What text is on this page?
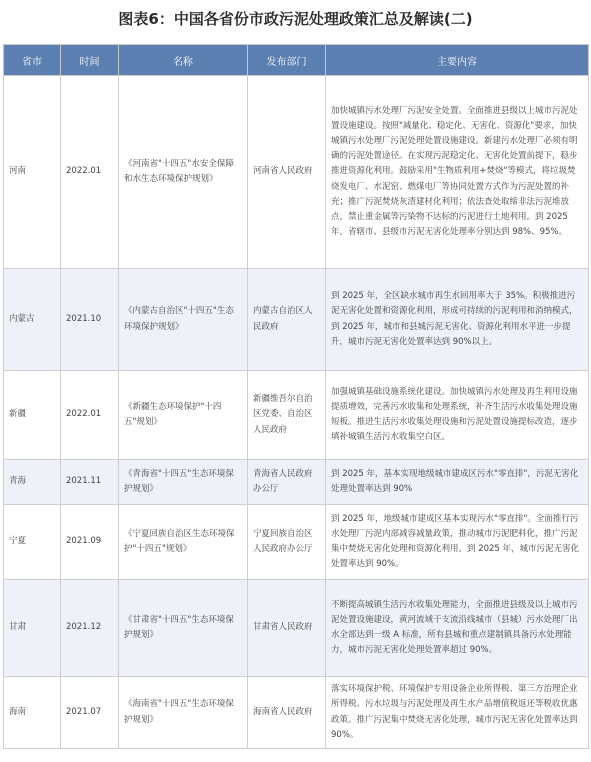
图表6：中国各省份市政污泥处理政策汇总及解读(二)
省市	时间	名称	发布部门	主要内容
河南	2022.01	《河南省"十四五"水安全保障和水生态环境保护规划》	河南省人民政府	加快城镇污水处理厂污泥安全处置。全面推进县级以上城市污泥处置设施建设。按照"减量化、稳定化、无害化、资源化"要求，加快城镇污水处理厂污泥处理处置设施建设。新建污水处理厂必须有明确的污泥处置途径。在实现污泥稳定化、无害化处置前提下，稳步推进资源化利用。鼓励采用"生物质利用+焚烧"等模式，将垃圾焚烧发电厂、水泥窑、燃煤电厂等协同处置方式作为污泥处置的补充；推广污泥焚烧灰渣建材化利用；依法查处取缔非法污泥堆放点，禁止重金属等污染物不达标的污泥进行土地利用。到 2025 年，省辖市、县级市污泥无害化处理率分别达到 98%、95%。
内蒙古	2021.10	《内蒙古自治区"十四五"生态环境保护规划》	内蒙古自治区人民政府	到 2025 年，全区缺水城市再生水回用率大于 35%。积极推进污泥无害化处置和资源化利用，形成可持续的污泥利用和消纳模式，到 2025 年，城市和县城污泥无害化、资源化利用水平进一步提升，城市污泥无害化处置率达到 90%以上。
新疆	2022.01	《新疆生态环境保护"十四五"规划》	新疆维吾尔自治区党委、自治区人民政府	加强城镇基础设施系统化建设。加快城镇污水处理及再生利用设施提质增效，完善污水收集和处理系统，补齐生活污水收集处理设施短板。推进生活污水收集处理设施和污泥处置设施提标改造，逐步填补城镇生活污水收集空白区。
青海	2021.11	《青海省"十四五"生态环境保护规划》	青海省人民政府办公厅	到 2025 年，基本实现地级城市建成区污水"零直排"，污泥无害化处理处置率达到 90%
宁夏	2021.09	《宁夏回族自治区生态环境保护"十四五"规划》	宁夏回族自治区人民政府办公厅	到 2025 年，地级城市建成区基本实现污水"零直排"。全面推行污水处理厂污泥内部减容减量政策，推动城市污泥肥料化，推广污泥集中焚烧无害化处理和资源化利用。到 2025 年，城市污泥无害化处置率达到 90%。
甘肃	2021.12	《甘肃省"十四五"生态环境保护规划》	甘肃省人民政府	不断提高城镇生活污水收集处理能力，全面推进县级及以上城市污泥处置设施建设，黄河流域干支流沿线城市（县城）污水处理厂出水全部达到一级 A 标准，所有县城和重点建制镇具备污水处理能力，城市污泥无害化处理处置率超过 90%。
海南	2021.07	《海南省"十四五"生态环境保护规划》	海南省人民政府	落实环境保护税、环境保护专用设备企业所得税、第三方治理企业所得税、污水垃圾与污泥处理及再生水产品增值税返还等税收优惠政策。推广污泥集中焚烧无害化处理，城市污泥无害化处置率达到 90%。
